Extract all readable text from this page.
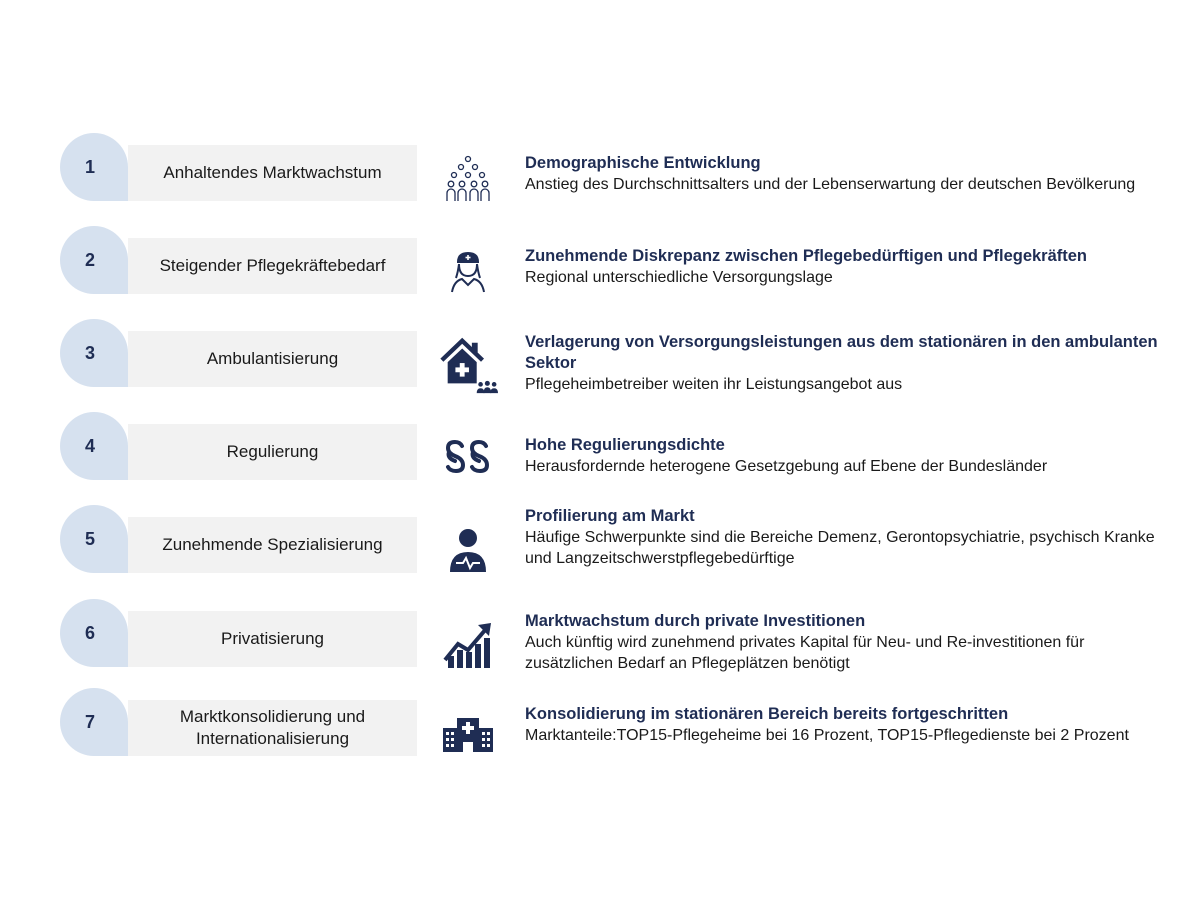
1	Anhaltendes Marktwachstum	Demographische Entwicklung
Anstieg des Durchschnittsalters und der Lebenserwartung der deutschen Bevölkerung
2	Steigender Pflegekräftebedarf	Zunehmende Diskrepanz zwischen Pflegebedürftigen und Pflegekräften
Regional unterschiedliche Versorgungslage
3	Ambulantisierung
Verlagerung von Versorgungsleistungen aus dem stationären in den ambulanten Sektor
Pflegeheimbetreiber weiten ihr Leistungsangebot aus
4	Regulierung	Hohe Regulierungsdichte
Herausfordernde heterogene Gesetzgebung auf Ebene der Bundesländer
5	Zunehmende Spezialisierung
Profilierung am Markt
Häufige Schwerpunkte sind die Bereiche Demenz, Gerontopsychiatrie, psychisch Kranke und Langzeitschwerstpflegebedürftige
6	Privatisierung
Marktwachstum durch private Investitionen
Auch künftig wird zunehmend privates Kapital für Neu- und Re-investitionen für zusätzlichen Bedarf an Pflegeplätzen benötigt
7	Marktkonsolidierung und Internationalisierung
Konsolidierung im stationären Bereich bereits fortgeschritten
Marktanteile:TOP15-Pflegeheime bei 16 Prozent, TOP15-Pflegedienste bei 2 Prozent
